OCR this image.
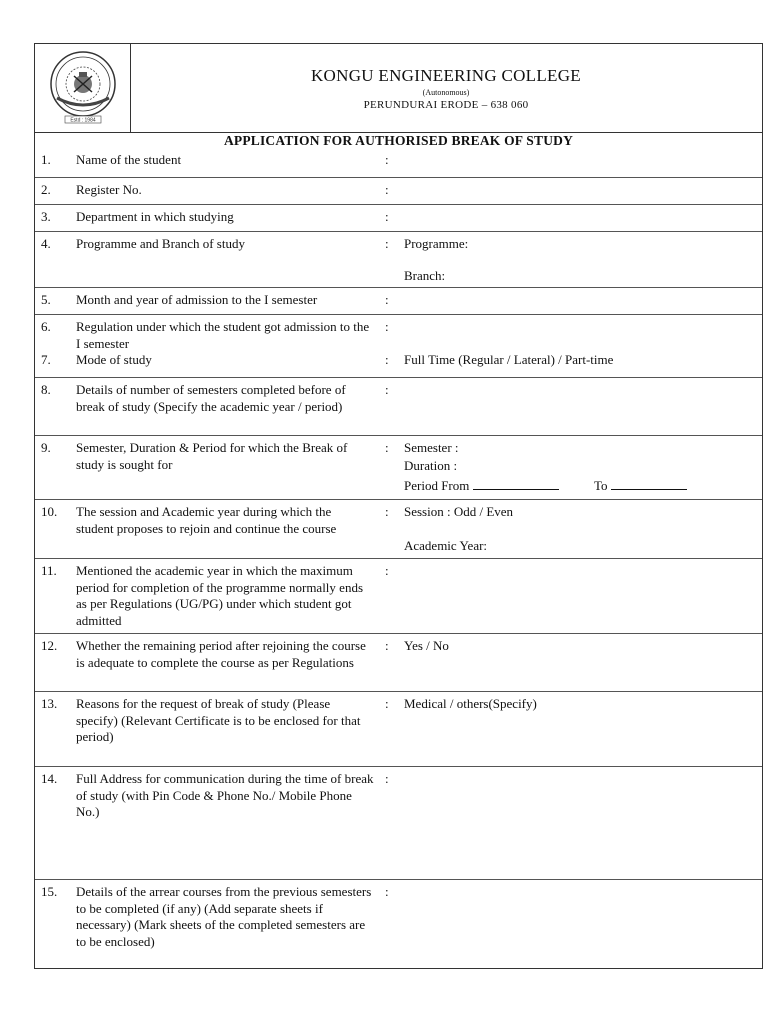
Estd : 1984
KONGU ENGINEERING COLLEGE
(Autonomous)
PERUNDURAI ERODE – 638 060
APPLICATION FOR AUTHORISED BREAK OF STUDY
1. Name of the student	:
2. Register No.	:
3. Department in which studying	:
4. Programme and Branch of study	: Programme:
Branch:
5. Month and year of admission to the I semester	:
6. Regulation under which the student got admission to the I semester
:
7. Mode of study	: Full Time (Regular / Lateral) / Part-time
8. Details of number of semesters completed before of break of study (Specify the academic year / period)
:
9. Semester, Duration & Period for which the Break of study is sought for
: Semester :
Duration :
Period From	To
10. The session and Academic year during which the student proposes to rejoin and continue the course
: Session : Odd / Even
Academic Year:
11. Mentioned the academic year in which the maximum period for completion of the programme normally ends as per Regulations (UG/PG) under which student got admitted
:
12. Whether the remaining period after rejoining the course is adequate to complete the course as per Regulations
: Yes / No
13. Reasons for the request of break of study (Please specify) (Relevant Certificate is to be enclosed for that period)
: Medical / others(Specify)
14. Full Address for communication during the time of break of study (with Pin Code & Phone No./ Mobile Phone No.)
:
15. Details of the arrear courses from the previous semesters to be completed (if any) (Add separate sheets if necessary) (Mark sheets of the completed semesters are to be enclosed)
:
